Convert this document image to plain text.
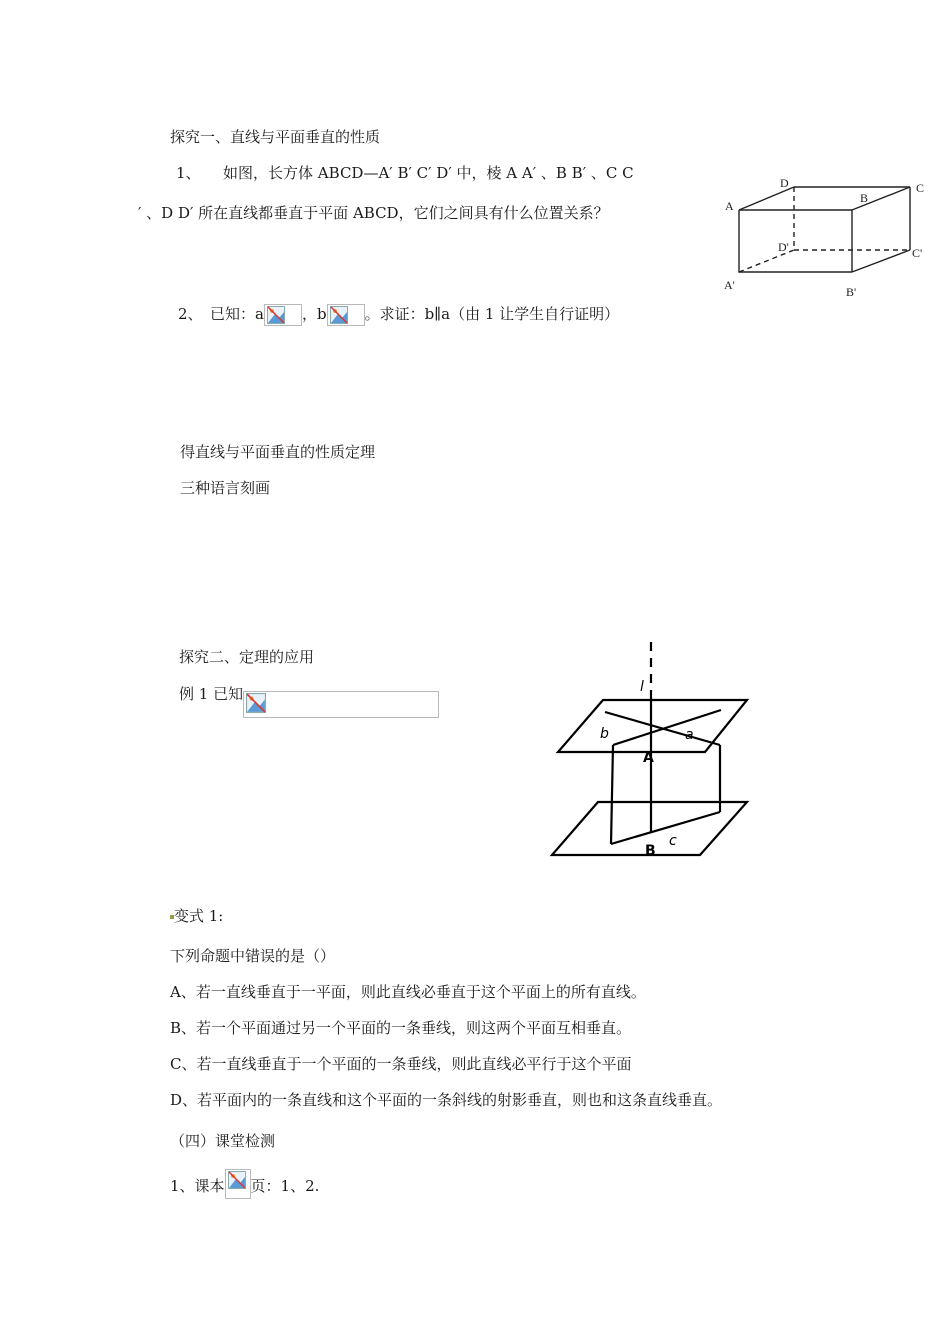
探究一、直线与平面垂直的性质
1、　　如图，长方体 ABCD—A′ B′ C′ D′ 中，棱 A A′ 、B B′ 、C C
′ 、D D′ 所在直线都垂直于平面 ABCD，它们之间具有什么位置关系？	A
D
B
C
D'	C'
A'	B'
2、　已知：a	，b	。求证：b∥a（由 1 让学生自行证明）
得直线与平面垂直的性质定理
三种语言刻画
探究二、定理的应用
例 1 已知	l
b	a
A
c
B
变式 1:
下列命题中错误的是（）
A、若一直线垂直于一平面，则此直线必垂直于这个平面上的所有直线。
B、若一个平面通过另一个平面的一条垂线，则这两个平面互相垂直。
C、若一直线垂直于一个平面的一条垂线，则此直线必平行于这个平面
D、若平面内的一条直线和这个平面的一条斜线的射影垂直，则也和这条直线垂直。
（四）课堂检测
1、课本 页：1、2.
